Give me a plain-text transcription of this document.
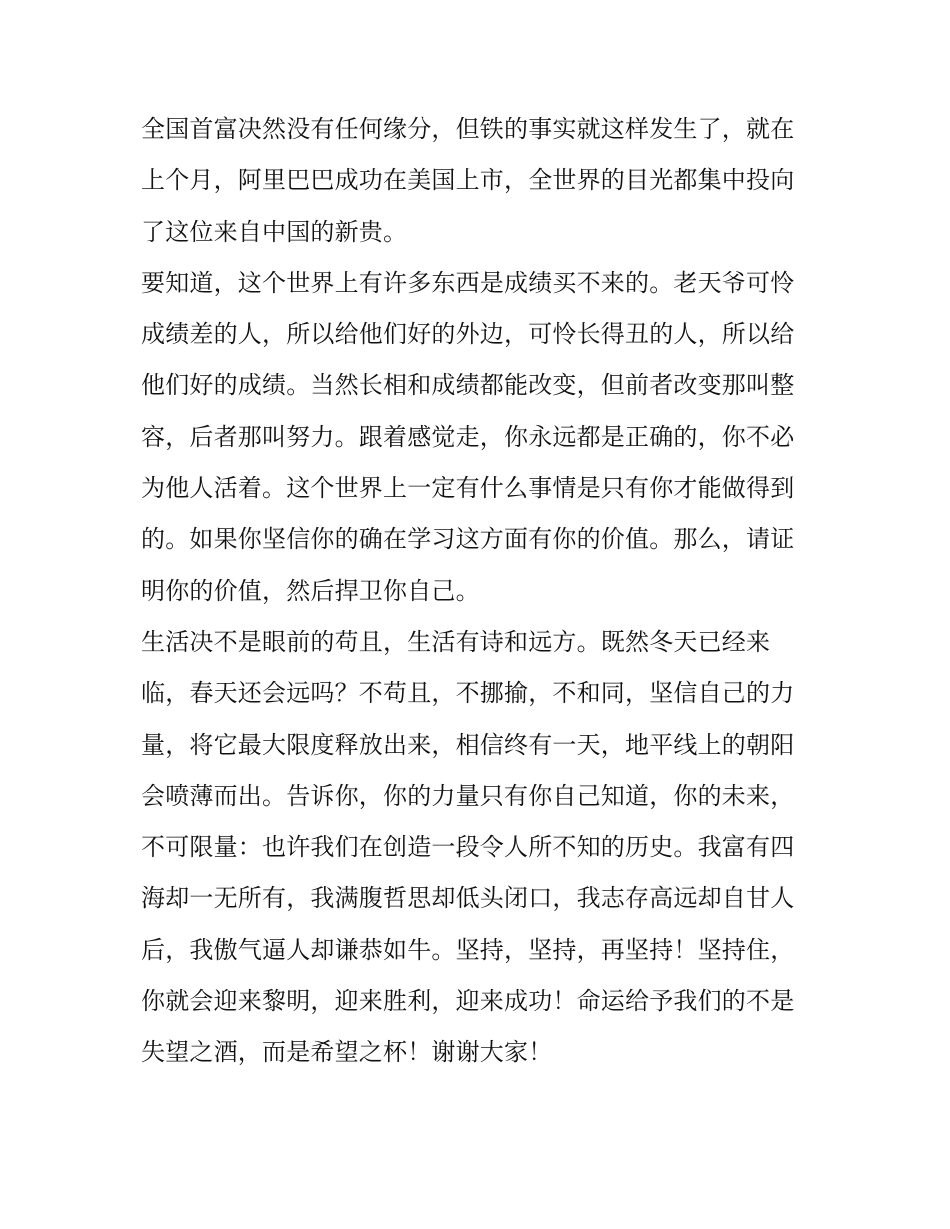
全国首富决然没有任何缘分，但铁的事实就这样发生了，就在
上个月，阿里巴巴成功在美国上市，全世界的目光都集中投向
了这位来自中国的新贵。
要知道，这个世界上有许多东西是成绩买不来的。老天爷可怜
成绩差的人，所以给他们好的外边，可怜长得丑的人，所以给
他们好的成绩。当然长相和成绩都能改变，但前者改变那叫整
容，后者那叫努力。跟着感觉走，你永远都是正确的，你不必
为他人活着。这个世界上一定有什么事情是只有你才能做得到
的。如果你坚信你的确在学习这方面有你的价值。那么，请证
明你的价值，然后捍卫你自己。
生活决不是眼前的苟且，生活有诗和远方。既然冬天已经来
临，春天还会远吗？不苟且，不挪揄，不和同，坚信自己的力
量，将它最大限度释放出来，相信终有一天，地平线上的朝阳
会喷薄而出。告诉你，你的力量只有你自己知道，你的未来，
不可限量：也许我们在创造一段令人所不知的历史。我富有四
海却一无所有，我满腹哲思却低头闭口，我志存高远却自甘人
后，我傲气逼人却谦恭如牛。坚持，坚持，再坚持！坚持住，
你就会迎来黎明，迎来胜利，迎来成功！命运给予我们的不是
失望之酒，而是希望之杯！谢谢大家！
